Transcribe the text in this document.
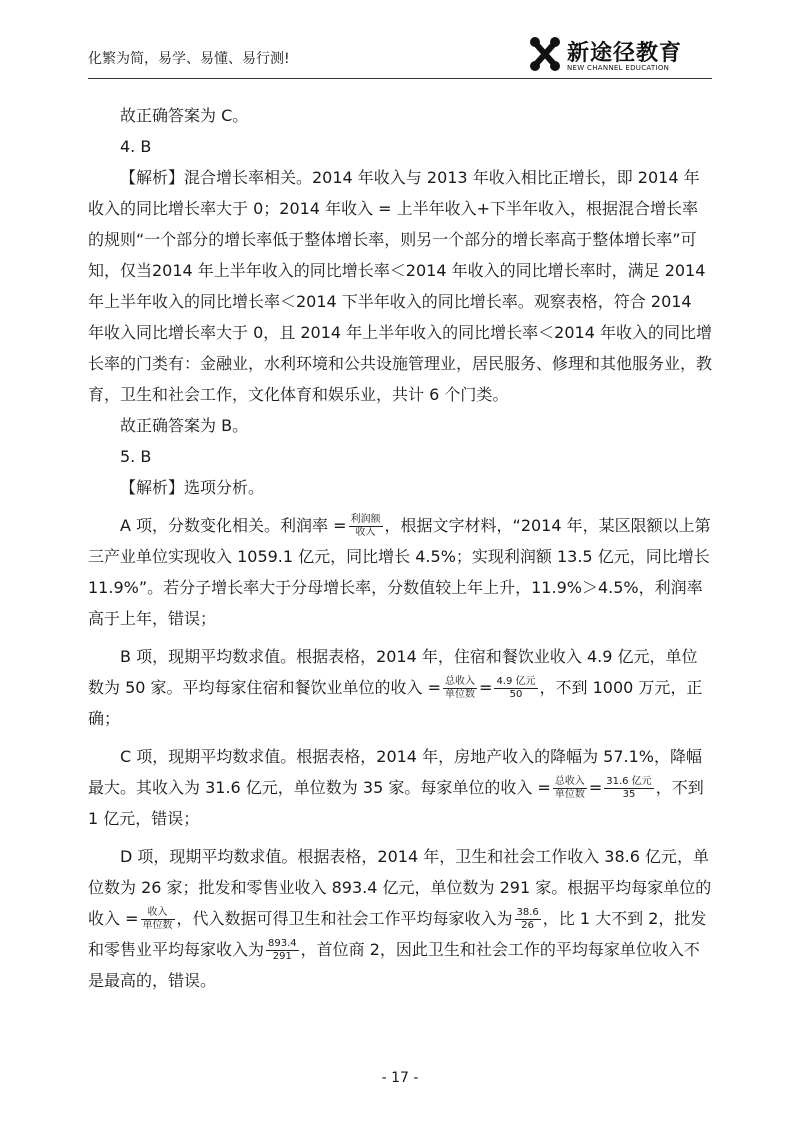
化繁为简，易学、易懂、易行测!	新途径教育
NEW CHANNEL EDUCATION

故正确答案为 C。

4. B

【解析】混合增长率相关。2014 年收入与 2013 年收入相比正增长，即 2014 年收入的同比增长率大于 0；2014 年收入 = 上半年收入+下半年收入，根据混合增长率的规则“一个部分的增长率低于整体增长率，则另一个部分的增长率高于整体增长率”可知，仅当2014 年上半年收入的同比增长率＜2014 年收入的同比增长率时，满足 2014 年上半年收入的同比增长率＜2014 下半年收入的同比增长率。观察表格，符合 2014 年收入同比增长率大于 0，且 2014 年上半年收入的同比增长率＜2014 年收入的同比增长率的门类有：金融业，水利环境和公共设施管理业，居民服务、修理和其他服务业，教育，卫生和社会工作，文化体育和娱乐业，共计 6 个门类。

故正确答案为 B。

5. B

【解析】选项分析。

A 项，分数变化相关。利润率 = $\frac{\text{利润额}}{\text{收入}}$ ，根据文字材料，“2014 年，某区限额以上第三产业单位实现收入 1059.1 亿元，同比增长 4.5%；实现利润额 13.5 亿元，同比增长 11.9%”。若分子增长率大于分母增长率，分数值较上年上升，11.9%＞4.5%，利润率高于上年，错误；

B 项，现期平均数求值。根据表格，2014 年，住宿和餐饮业收入 4.9 亿元，单位数为 50 家。平均每家住宿和餐饮业单位的收入 = $\frac{\text{总收入}}{\text{单位数}} = \frac{\text{4.9 亿元}}{50}$ ，不到 1000 万元，正确；

C 项，现期平均数求值。根据表格，2014 年，房地产收入的降幅为 57.1%，降幅最大。其收入为 31.6 亿元，单位数为 35 家。每家单位的收入 = $\frac{\text{总收入}}{\text{单位数}} = \frac{\text{31.6 亿元}}{35}$ ，不到 1 亿元，错误；

D 项，现期平均数求值。根据表格，2014 年，卫生和社会工作收入 38.6 亿元，单位数为 26 家；批发和零售业收入 893.4 亿元，单位数为 291 家。根据平均每家单位的收入 = $\frac{\text{收入}}{\text{单位数}}$ ，代入数据可得卫生和社会工作平均每家收入为 $\frac{38.6}{26}$ ，比 1 大不到 2，批发和零售业平均每家收入为 $\frac{893.4}{291}$ ，首位商 2，因此卫生和社会工作的平均每家单位收入不是最高的，错误。

- 17 -
